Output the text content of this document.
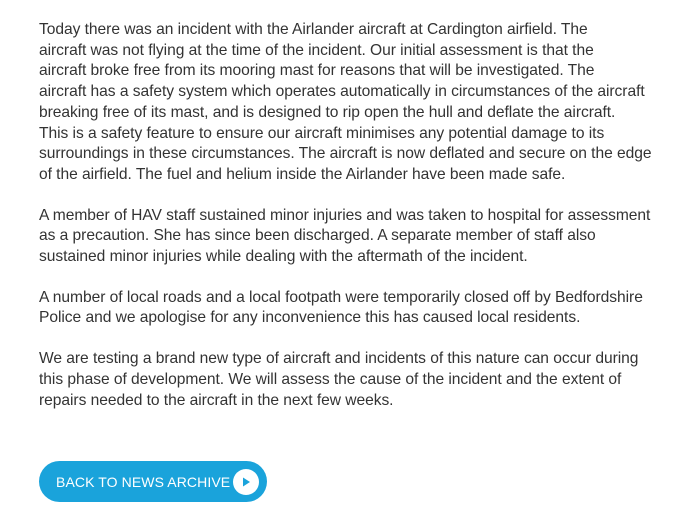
Today there was an incident with the Airlander aircraft at Cardington airfield. The
aircraft was not flying at the time of the incident. Our initial assessment is that the
aircraft broke free from its mooring mast for reasons that will be investigated. The
aircraft has a safety system which operates automatically in circumstances of the aircraft
breaking free of its mast, and is designed to rip open the hull and deflate the aircraft.
This is a safety feature to ensure our aircraft minimises any potential damage to its
surroundings in these circumstances. The aircraft is now deflated and secure on the edge
of the airfield. The fuel and helium inside the Airlander have been made safe.

A member of HAV staff sustained minor injuries and was taken to hospital for assessment
as a precaution. She has since been discharged. A separate member of staff also
sustained minor injuries while dealing with the aftermath of the incident.

A number of local roads and a local footpath were temporarily closed off by Bedfordshire
Police and we apologise for any inconvenience this has caused local residents.

We are testing a brand new type of aircraft and incidents of this nature can occur during
this phase of development. We will assess the cause of the incident and the extent of
repairs needed to the aircraft in the next few weeks.

BACK TO NEWS ARCHIVE
